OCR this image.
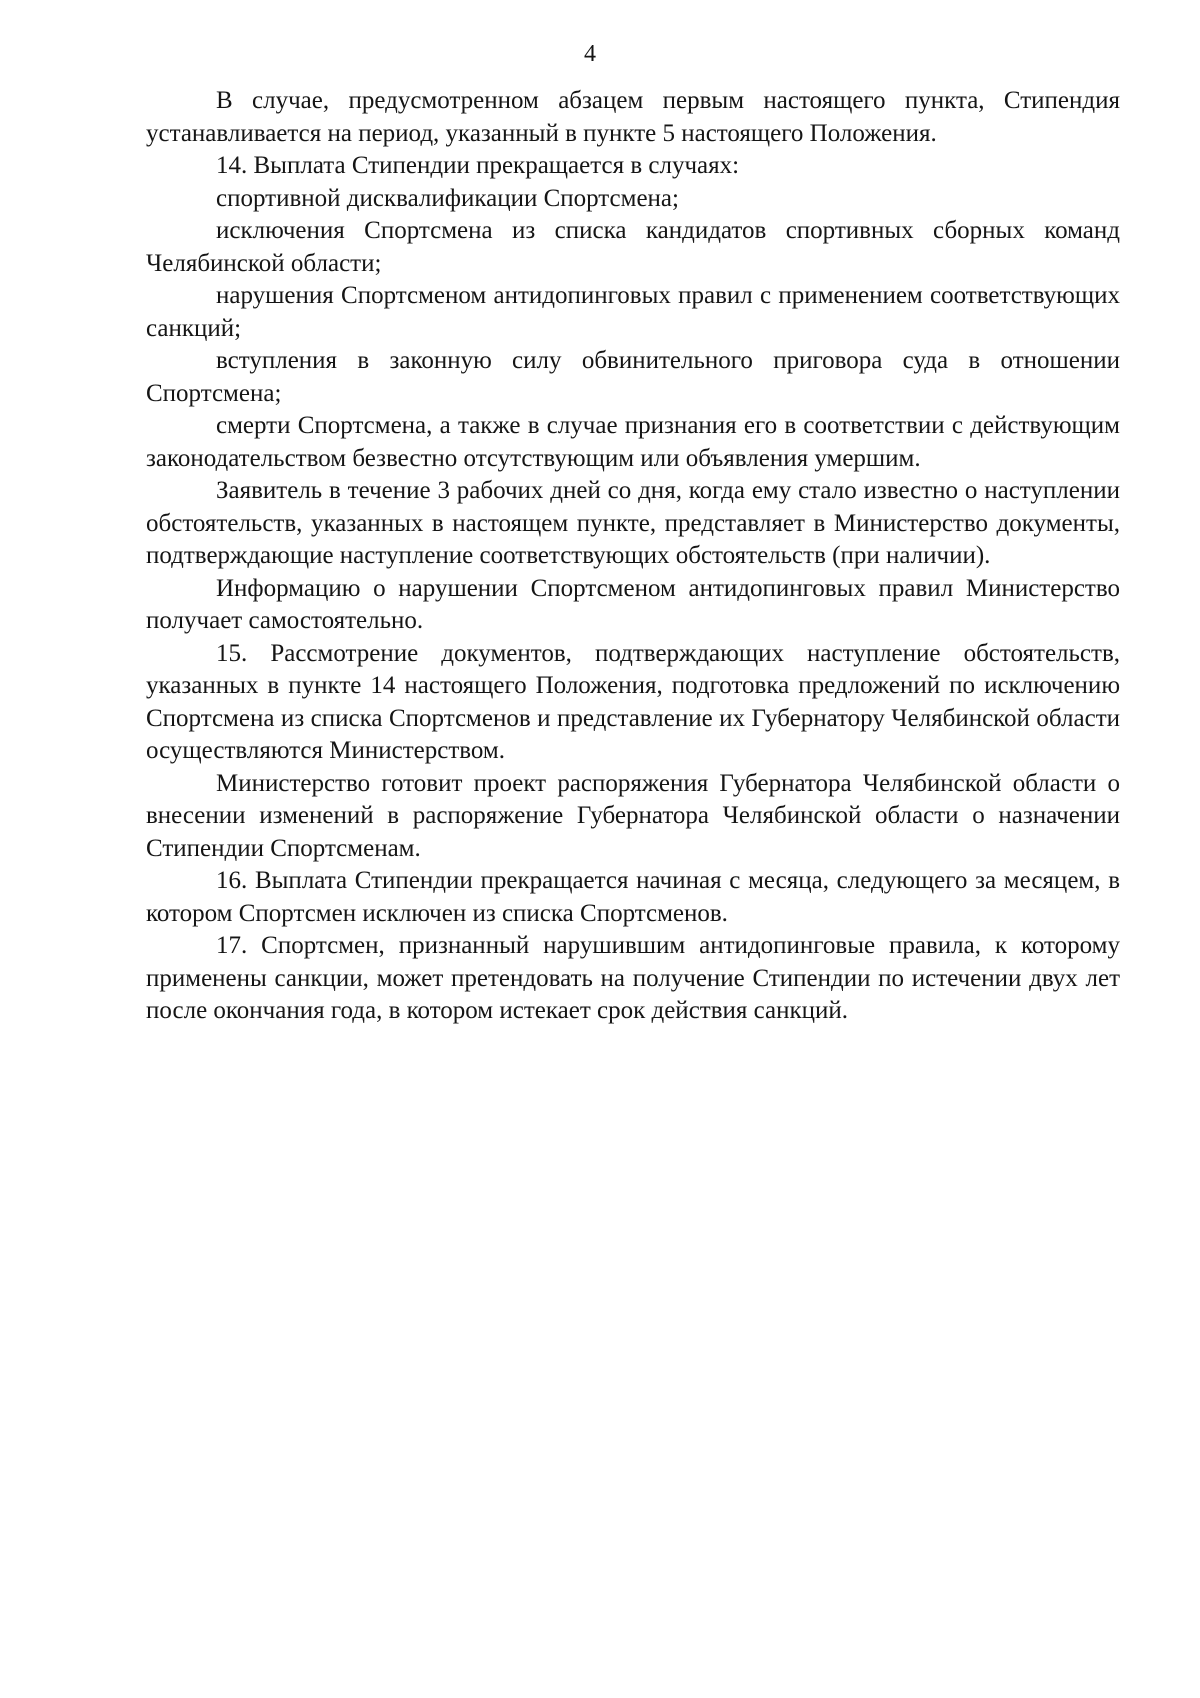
4

В случае, предусмотренном абзацем первым настоящего пункта, Стипендия устанавливается на период, указанный в пункте 5 настоящего Положения.

14. Выплата Стипендии прекращается в случаях:

спортивной дисквалификации Спортсмена;

исключения Спортсмена из списка кандидатов спортивных сборных команд Челябинской области;

нарушения Спортсменом антидопинговых правил с применением соответствующих санкций;

вступления в законную силу обвинительного приговора суда в отношении Спортсмена;

смерти Спортсмена, а также в случае признания его в соответствии с действующим законодательством безвестно отсутствующим или объявления умершим.

Заявитель в течение 3 рабочих дней со дня, когда ему стало известно о наступлении обстоятельств, указанных в настоящем пункте, представляет в Министерство документы, подтверждающие наступление соответствующих обстоятельств (при наличии).

Информацию о нарушении Спортсменом антидопинговых правил Министерство получает самостоятельно.

15. Рассмотрение документов, подтверждающих наступление обстоятельств, указанных в пункте 14 настоящего Положения, подготовка предложений по исключению Спортсмена из списка Спортсменов и представление их Губернатору Челябинской области осуществляются Министерством.

Министерство готовит проект распоряжения Губернатора Челябинской области о внесении изменений в распоряжение Губернатора Челябинской области о назначении Стипендии Спортсменам.

16. Выплата Стипендии прекращается начиная с месяца, следующего за месяцем, в котором Спортсмен исключен из списка Спортсменов.

17. Спортсмен, признанный нарушившим антидопинговые правила, к которому применены санкции, может претендовать на получение Стипендии по истечении двух лет после окончания года, в котором истекает срок действия санкций.
